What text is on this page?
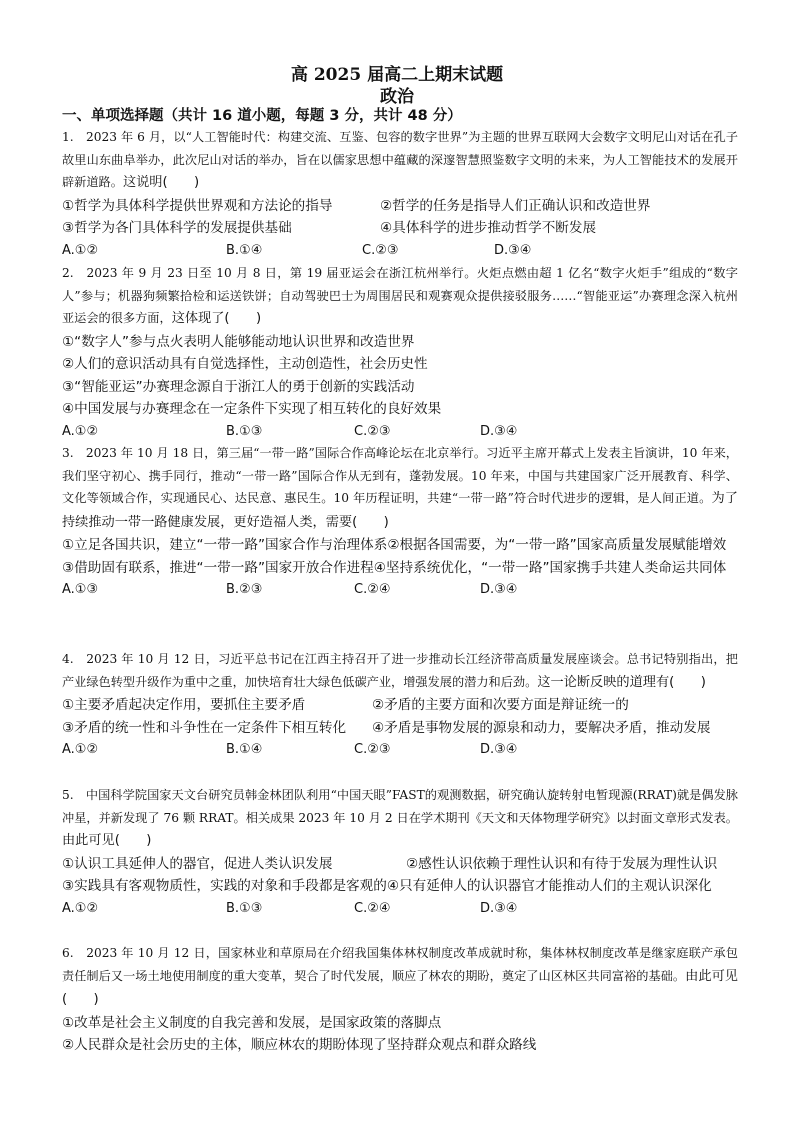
高 2025 届高二上期末试题
政治
一、单项选择题（共计 16 道小题，每题 3 分，共计 48 分）

1.　2023 年 6 月，以“人工智能时代：构建交流、互鉴、包容的数字世界”为主题的世界互联网大会数字文明尼山对话在孔子故里山东曲阜举办，此次尼山对话的举办，旨在以儒家思想中蕴藏的深邃智慧照鉴数字文明的未来，为人工智能技术的发展开辟新道路。这说明(　　)

①哲学为具体科学提供世界观和方法论的指导	②哲学的任务是指导人们正确认识和改造世界
③哲学为各门具体科学的发展提供基础	④具体科学的进步推动哲学不断发展
A.①②	B.①④	C.②③	D.③④

2.　2023 年 9 月 23 日至 10 月 8 日，第 19 届亚运会在浙江杭州举行。火炬点燃由超 1 亿名“数字火炬手”组成的“数字人”参与；机器狗频繁拾检和运送铁饼；自动驾驶巴士为周围居民和观赛观众提供接驳服务……“智能亚运”办赛理念深入杭州亚运会的很多方面，这体现了(　　)

①“数字人”参与点火表明人能够能动地认识世界和改造世界

②人们的意识活动具有自觉选择性，主动创造性，社会历史性

③“智能亚运”办赛理念源自于浙江人的勇于创新的实践活动

④中国发展与办赛理念在一定条件下实现了相互转化的良好效果

A.①②	B.①③	C.②③	D.③④

3.　2023 年 10 月 18 日，第三届“一带一路”国际合作高峰论坛在北京举行。习近平主席开幕式上发表主旨演讲，10 年来，我们坚守初心、携手同行，推动“一带一路”国际合作从无到有，蓬勃发展。10 年来，中国与共建国家广泛开展教育、科学、文化等领域合作，实现通民心、达民意、惠民生。10 年历程证明，共建“一带一路”符合时代进步的逻辑，是人间正道。为了持续推动一带一路健康发展，更好造福人类，需要(　　)

①立足各国共识，建立“一带一路”国家合作与治理体系②根据各国需要，为“一带一路”国家高质量发展赋能增效

③借助固有联系，推进“一带一路”国家开放合作进程④坚持系统优化，“一带一路”国家携手共建人类命运共同体

A.①③	B.②③	C.②④	D.③④

4.　2023 年 10 月 12 日，习近平总书记在江西主持召开了进一步推动长江经济带高质量发展座谈会。总书记特别指出，把产业绿色转型升级作为重中之重，加快培育壮大绿色低碳产业，增强发展的潜力和后劲。这一论断反映的道理有(　　)

①主要矛盾起决定作用，要抓住主要矛盾	②矛盾的主要方面和次要方面是辩证统一的
③矛盾的统一性和斗争性在一定条件下相互转化 ④矛盾是事物发展的源泉和动力，要解决矛盾，推动发展
A.①②	B.①④	C.②③	D.③④

5.　中国科学院国家天文台研究员韩金林团队利用“中国天眼”FAST的观测数据，研究确认旋转射电暂现源(RRAT)就是偶发脉冲星，并新发现了 76 颗 RRAT。相关成果 2023 年 10 月 2 日在学术期刊《天文和天体物理学研究》以封面文章形式发表。由此可见(　　)

①认识工具延伸人的器官，促进人类认识发展	②感性认识依赖于理性认识和有待于发展为理性认识

③实践具有客观物质性，实践的对象和手段都是客观的④只有延伸人的认识器官才能推动人们的主观认识深化

A.①②	B.①③	C.②④	D.③④

6.　2023 年 10 月 12 日，国家林业和草原局在介绍我国集体林权制度改革成就时称，集体林权制度改革是继家庭联产承包责任制后又一场土地使用制度的重大变革，契合了时代发展，顺应了林农的期盼，奠定了山区林区共同富裕的基础。由此可见(　　)

①改革是社会主义制度的自我完善和发展，是国家政策的落脚点

②人民群众是社会历史的主体，顺应林农的期盼体现了坚持群众观点和群众路线
